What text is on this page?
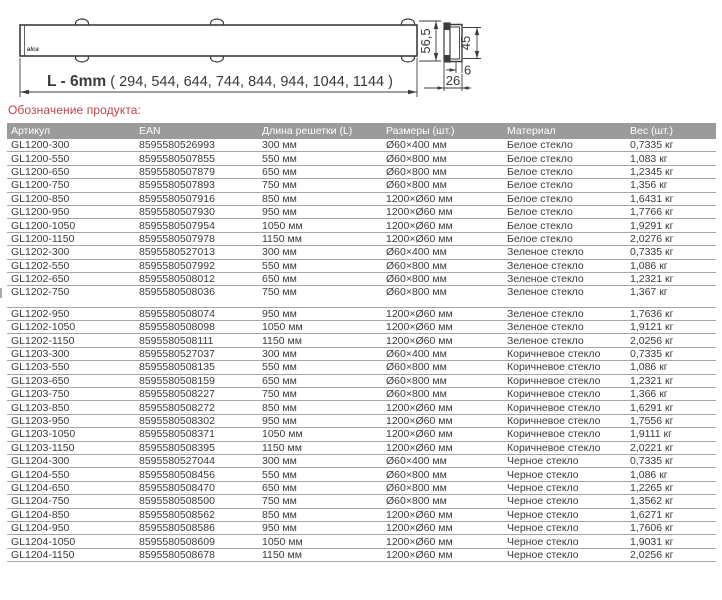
alca
L - 6mm ( 294, 544, 644, 744, 844, 944, 1044, 1144 )
56,5 45
6
26
Обозначение продукта:
Артикул	EAN	Длина решетки (L)	Размеры (шт.)	Материал	Вес (шт.)
GL1200-300	8595580526993	300 мм	Ø60×400 мм	Белое стекло	0,7335 кг
GL1200-550	8595580507855	550 мм	Ø60×800 мм	Белое стекло	1,083 кг
GL1200-650	8595580507879	650 мм	Ø60×800 мм	Белое стекло	1,2345 кг
GL1200-750	8595580507893	750 мм	Ø60×800 мм	Белое стекло	1,356 кг
GL1200-850	8595580507916	850 мм	1200×Ø60 мм	Белое стекло	1,6431 кг
GL1200-950	8595580507930	950 мм	1200×Ø60 мм	Белое стекло	1,7766 кг
GL1200-1050	8595580507954	1050 мм	1200×Ø60 мм	Белое стекло	1,9291 кг
GL1200-1150	8595580507978	1150 мм	1200×Ø60 мм	Белое стекло	2,0276 кг
GL1202-300	8595580527013	300 мм	Ø60×400 мм	Зеленое стекло	0,7335 кг
GL1202-550	8595580507992	550 мм	Ø60×800 мм	Зеленое стекло	1,086 кг
GL1202-650	8595580508012	650 мм	Ø60×800 мм	Зеленое стекло	1,2321 кг
GL1202-750	8595580508036	750 мм	Ø60×800 мм	Зеленое стекло	1,367 кг
GL1202-950	8595580508074	950 мм	1200×Ø60 мм	Зеленое стекло	1,7636 кг
GL1202-1050	8595580508098	1050 мм	1200×Ø60 мм	Зеленое стекло	1,9121 кг
GL1202-1150	8595580508111	1150 мм	1200×Ø60 мм	Зеленое стекло	2,0256 кг
GL1203-300	8595580527037	300 мм	Ø60×400 мм	Коричневое стекло	0,7335 кг
GL1203-550	8595580508135	550 мм	Ø60×800 мм	Коричневое стекло	1,086 кг
GL1203-650	8595580508159	650 мм	Ø60×800 мм	Коричневое стекло	1,2321 кг
GL1203-750	8595580508227	750 мм	Ø60×800 мм	Коричневое стекло	1,366 кг
GL1203-850	8595580508272	850 мм	1200×Ø60 мм	Коричневое стекло	1,6291 кг
GL1203-950	8595580508302	950 мм	1200×Ø60 мм	Коричневое стекло	1,7556 кг
GL1203-1050	8595580508371	1050 мм	1200×Ø60 мм	Коричневое стекло	1,9111 кг
GL1203-1150	8595580508395	1150 мм	1200×Ø60 мм	Коричневое стекло	2,0221 кг
GL1204-300	8595580527044	300 мм	Ø60×400 мм	Черное стекло	0,7335 кг
GL1204-550	8595580508456	550 мм	Ø60×800 мм	Черное стекло	1,086 кг
GL1204-650	8595580508470	650 мм	Ø60×800 мм	Черное стекло	1,2265 кг
GL1204-750	8595580508500	750 мм	Ø60×800 мм	Черное стекло	1,3562 кг
GL1204-850	8595580508562	850 мм	1200×Ø60 мм	Черное стекло	1,6271 кг
GL1204-950	8595580508586	950 мм	1200×Ø60 мм	Черное стекло	1,7606 кг
GL1204-1050	8595580508609	1050 мм	1200×Ø60 мм	Черное стекло	1,9031 кг
GL1204-1150	8595580508678	1150 мм	1200×Ø60 мм	Черное стекло	2,0256 кг
